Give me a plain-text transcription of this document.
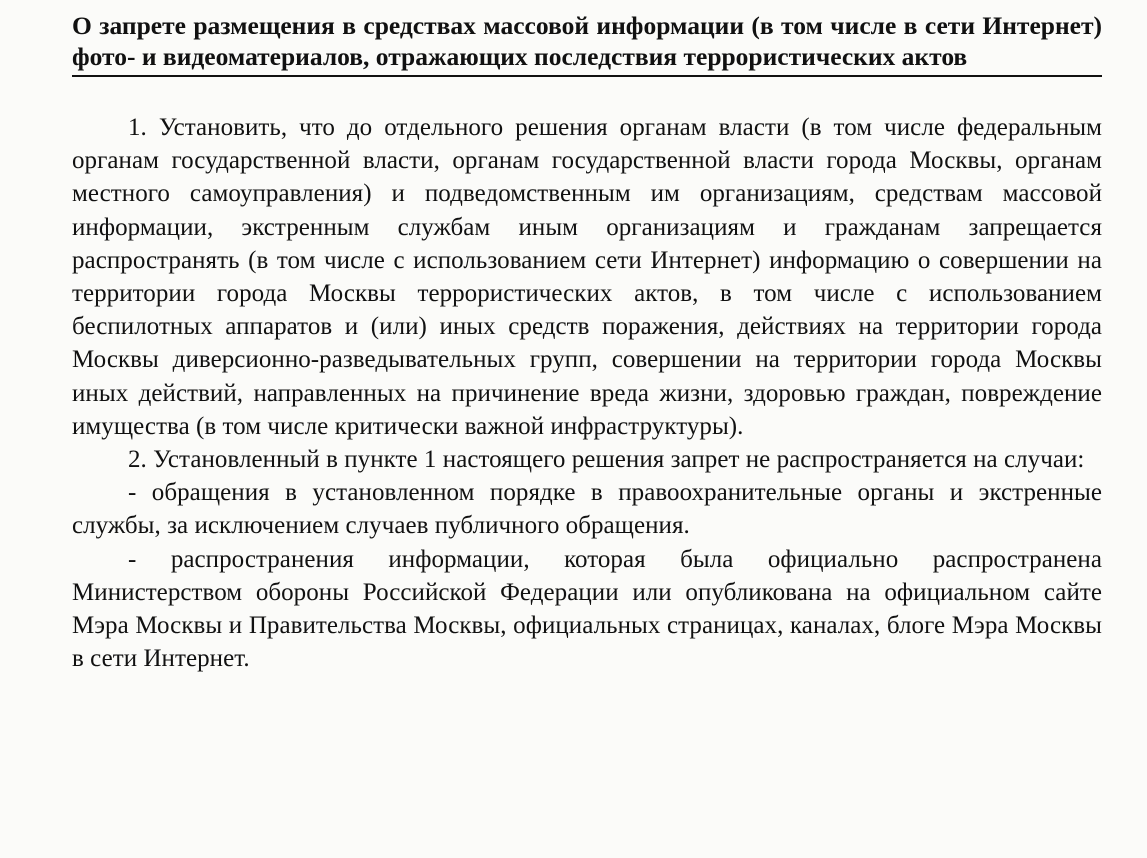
О запрете размещения в средствах массовой информации (в том числе в сети Интернет) фото- и видеоматериалов, отражающих последствия террористических актов

1. Установить, что до отдельного решения органам власти (в том числе федеральным органам государственной власти, органам государственной власти города Москвы, органам местного самоуправления) и подведомственным им организациям, средствам массовой информации, экстренным службам иным организациям и гражданам запрещается распространять (в том числе с использованием сети Интернет) информацию о совершении на территории города Москвы террористических актов, в том числе с использованием беспилотных аппаратов и (или) иных средств поражения, действиях на территории города Москвы диверсионно-разведывательных групп, совершении на территории города Москвы иных действий, направленных на причинение вреда жизни, здоровью граждан, повреждение имущества (в том числе критически важной инфраструктуры).

2. Установленный в пункте 1 настоящего решения запрет не распространяется на случаи:

- обращения в установленном порядке в правоохранительные органы и экстренные службы, за исключением случаев публичного обращения.

- распространения информации, которая была официально распространена Министерством обороны Российской Федерации или опубликована на официальном сайте Мэра Москвы и Правительства Москвы, официальных страницах, каналах, блоге Мэра Москвы в сети Интернет.
